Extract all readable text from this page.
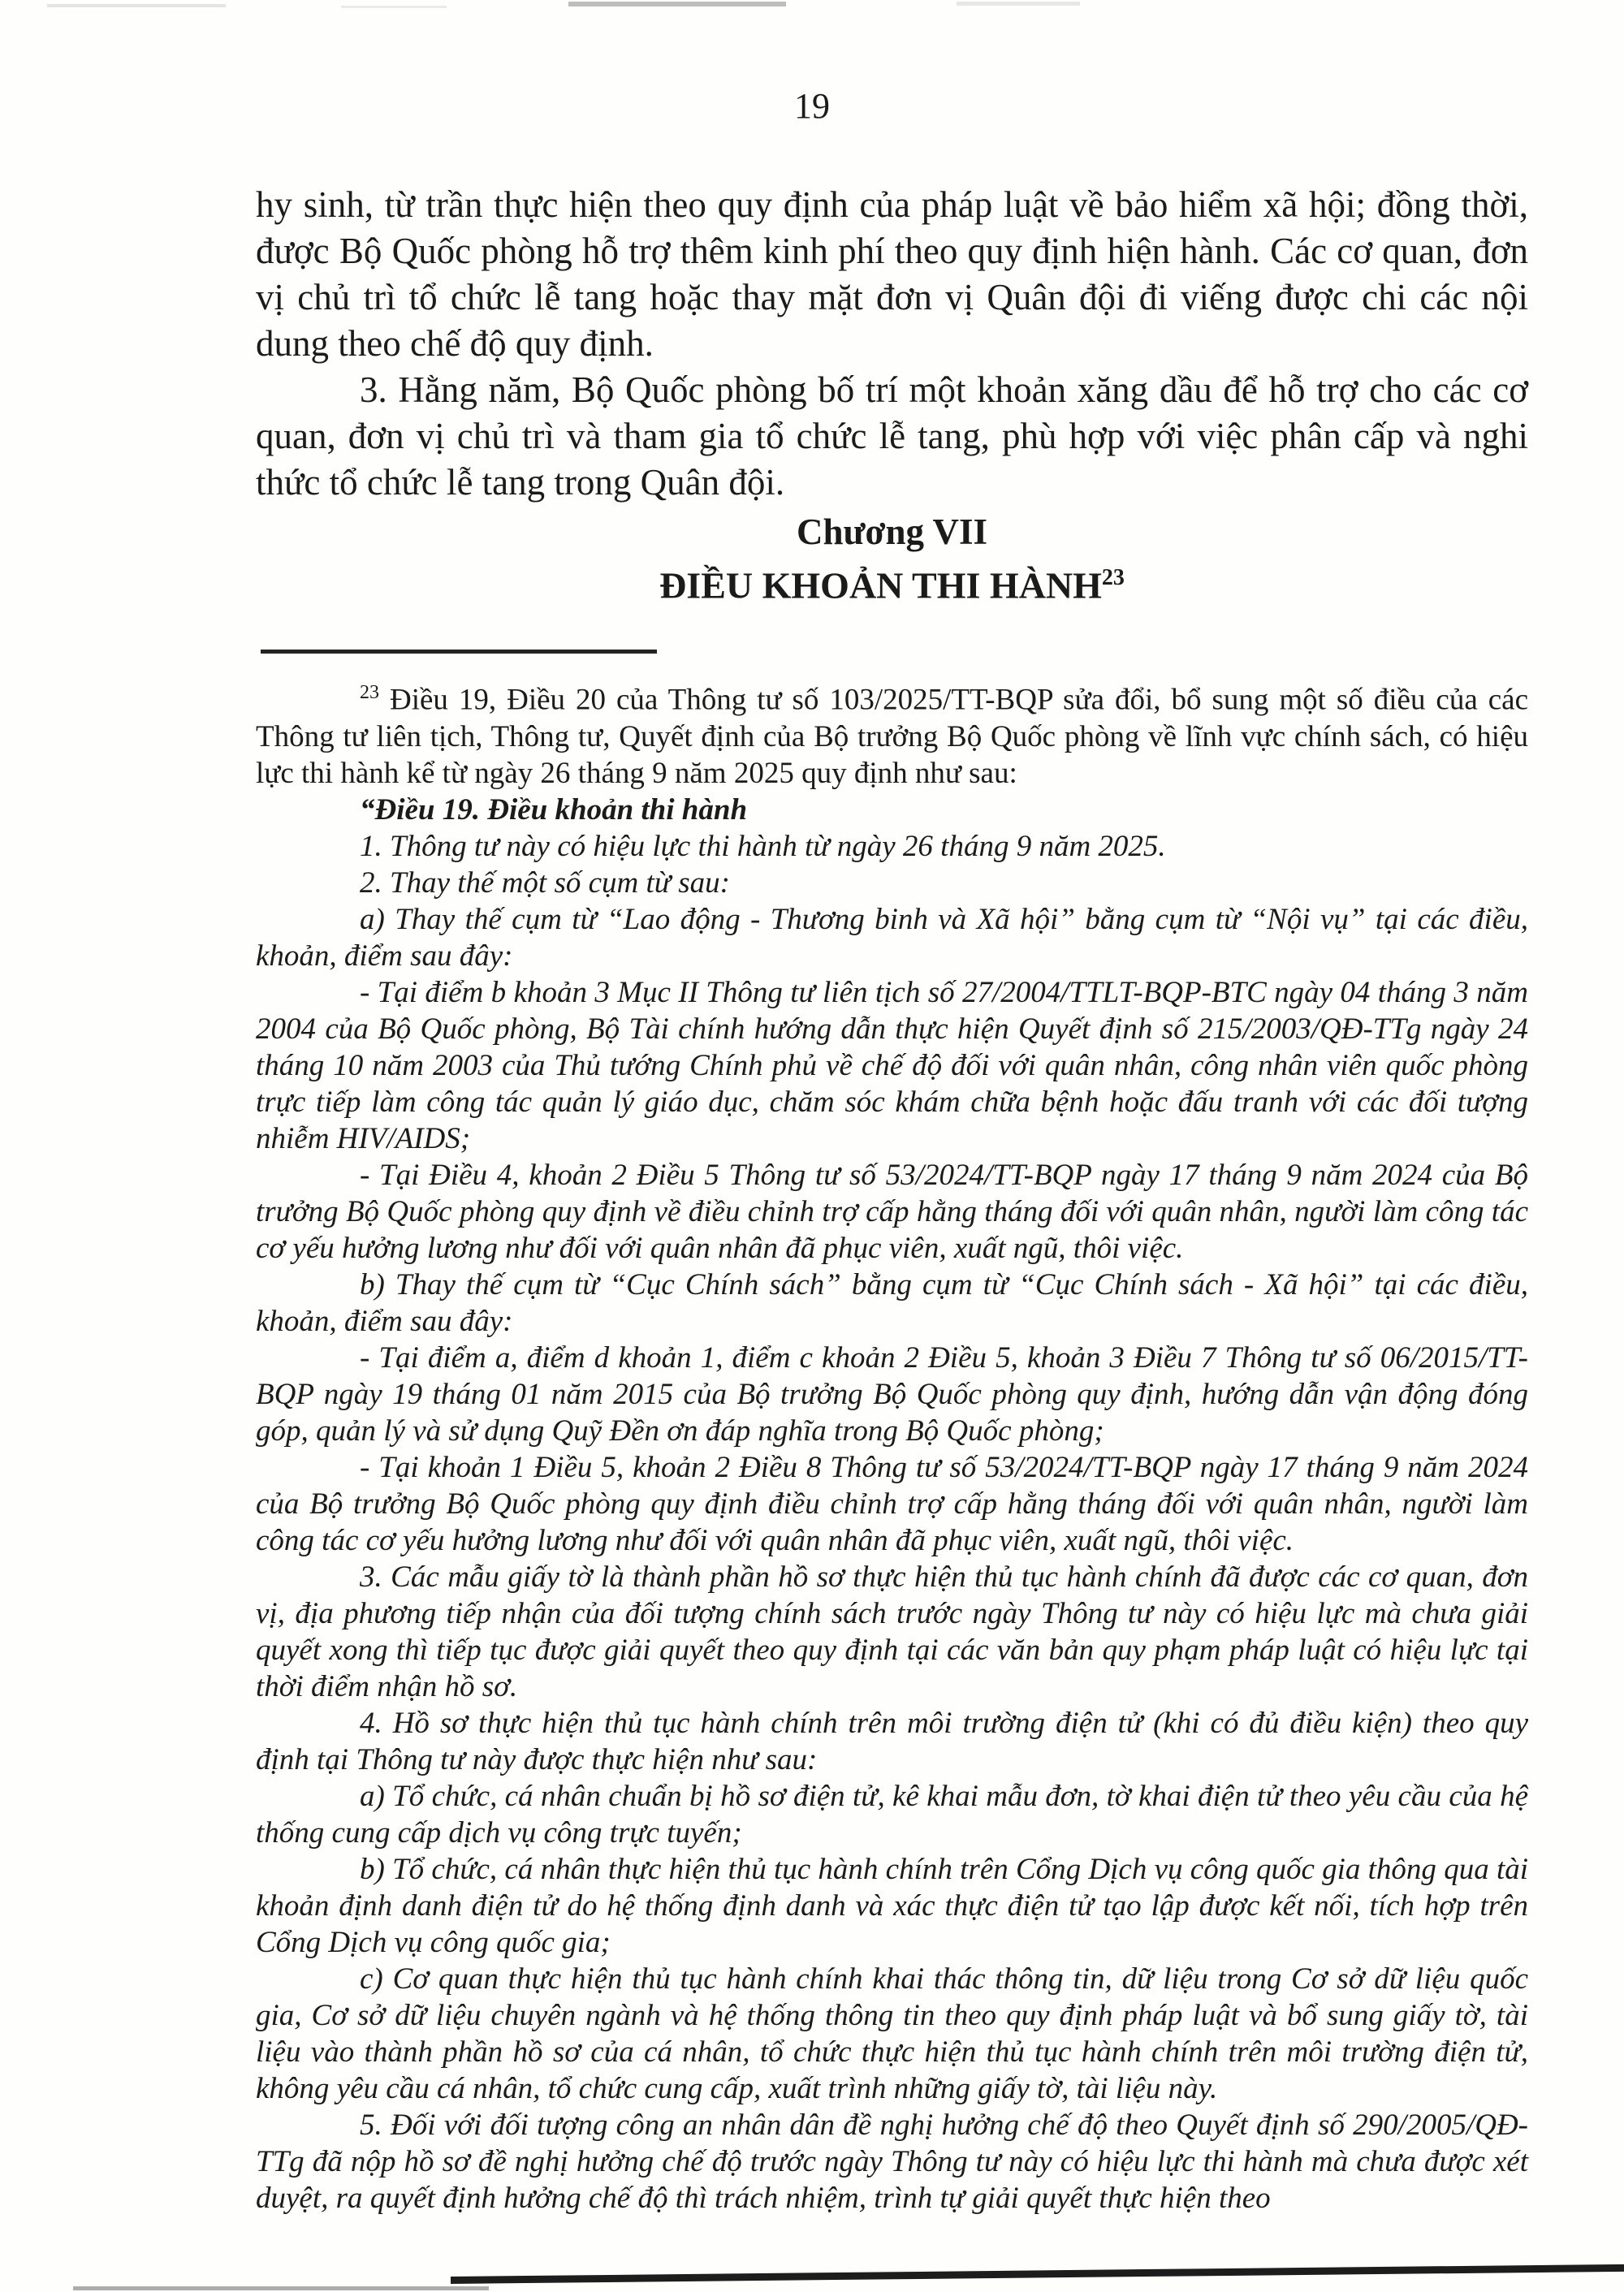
19

hy sinh, từ trần thực hiện theo quy định của pháp luật về bảo hiểm xã hội; đồng thời, được Bộ Quốc phòng hỗ trợ thêm kinh phí theo quy định hiện hành. Các cơ quan, đơn vị chủ trì tổ chức lễ tang hoặc thay mặt đơn vị Quân đội đi viếng được chi các nội dung theo chế độ quy định.

3. Hằng năm, Bộ Quốc phòng bố trí một khoản xăng dầu để hỗ trợ cho các cơ quan, đơn vị chủ trì và tham gia tổ chức lễ tang, phù hợp với việc phân cấp và nghi thức tổ chức lễ tang trong Quân đội.

Chương VII

ĐIỀU KHOẢN THI HÀNH$^{23}$

$^{23}$ Điều 19, Điều 20 của Thông tư số 103/2025/TT-BQP sửa đổi, bổ sung một số điều của các Thông tư liên tịch, Thông tư, Quyết định của Bộ trưởng Bộ Quốc phòng về lĩnh vực chính sách, có hiệu lực thi hành kể từ ngày 26 tháng 9 năm 2025 quy định như sau:

“Điều 19. Điều khoản thi hành

1. Thông tư này có hiệu lực thi hành từ ngày 26 tháng 9 năm 2025.

2. Thay thế một số cụm từ sau:

a) Thay thế cụm từ “Lao động - Thương binh và Xã hội” bằng cụm từ “Nội vụ” tại các điều, khoản, điểm sau đây:

- Tại điểm b khoản 3 Mục II Thông tư liên tịch số 27/2004/TTLT-BQP-BTC ngày 04 tháng 3 năm 2004 của Bộ Quốc phòng, Bộ Tài chính hướng dẫn thực hiện Quyết định số 215/2003/QĐ-TTg ngày 24 tháng 10 năm 2003 của Thủ tướng Chính phủ về chế độ đối với quân nhân, công nhân viên quốc phòng trực tiếp làm công tác quản lý giáo dục, chăm sóc khám chữa bệnh hoặc đấu tranh với các đối tượng nhiễm HIV/AIDS;

- Tại Điều 4, khoản 2 Điều 5 Thông tư số 53/2024/TT-BQP ngày 17 tháng 9 năm 2024 của Bộ trưởng Bộ Quốc phòng quy định về điều chỉnh trợ cấp hằng tháng đối với quân nhân, người làm công tác cơ yếu hưởng lương như đối với quân nhân đã phục viên, xuất ngũ, thôi việc.

b) Thay thế cụm từ “Cục Chính sách” bằng cụm từ “Cục Chính sách - Xã hội” tại các điều, khoản, điểm sau đây:

- Tại điểm a, điểm d khoản 1, điểm c khoản 2 Điều 5, khoản 3 Điều 7 Thông tư số 06/2015/TT-BQP ngày 19 tháng 01 năm 2015 của Bộ trưởng Bộ Quốc phòng quy định, hướng dẫn vận động đóng góp, quản lý và sử dụng Quỹ Đền ơn đáp nghĩa trong Bộ Quốc phòng;

- Tại khoản 1 Điều 5, khoản 2 Điều 8 Thông tư số 53/2024/TT-BQP ngày 17 tháng 9 năm 2024 của Bộ trưởng Bộ Quốc phòng quy định điều chỉnh trợ cấp hằng tháng đối với quân nhân, người làm công tác cơ yếu hưởng lương như đối với quân nhân đã phục viên, xuất ngũ, thôi việc.

3. Các mẫu giấy tờ là thành phần hồ sơ thực hiện thủ tục hành chính đã được các cơ quan, đơn vị, địa phương tiếp nhận của đối tượng chính sách trước ngày Thông tư này có hiệu lực mà chưa giải quyết xong thì tiếp tục được giải quyết theo quy định tại các văn bản quy phạm pháp luật có hiệu lực tại thời điểm nhận hồ sơ.

4. Hồ sơ thực hiện thủ tục hành chính trên môi trường điện tử (khi có đủ điều kiện) theo quy định tại Thông tư này được thực hiện như sau:

a) Tổ chức, cá nhân chuẩn bị hồ sơ điện tử, kê khai mẫu đơn, tờ khai điện tử theo yêu cầu của hệ thống cung cấp dịch vụ công trực tuyến;

b) Tổ chức, cá nhân thực hiện thủ tục hành chính trên Cổng Dịch vụ công quốc gia thông qua tài khoản định danh điện tử do hệ thống định danh và xác thực điện tử tạo lập được kết nối, tích hợp trên Cổng Dịch vụ công quốc gia;

c) Cơ quan thực hiện thủ tục hành chính khai thác thông tin, dữ liệu trong Cơ sở dữ liệu quốc gia, Cơ sở dữ liệu chuyên ngành và hệ thống thông tin theo quy định pháp luật và bổ sung giấy tờ, tài liệu vào thành phần hồ sơ của cá nhân, tổ chức thực hiện thủ tục hành chính trên môi trường điện tử, không yêu cầu cá nhân, tổ chức cung cấp, xuất trình những giấy tờ, tài liệu này.

5. Đối với đối tượng công an nhân dân đề nghị hưởng chế độ theo Quyết định số 290/2005/QĐ-TTg đã nộp hồ sơ đề nghị hưởng chế độ trước ngày Thông tư này có hiệu lực thi hành mà chưa được xét duyệt, ra quyết định hưởng chế độ thì trách nhiệm, trình tự giải quyết thực hiện theo
